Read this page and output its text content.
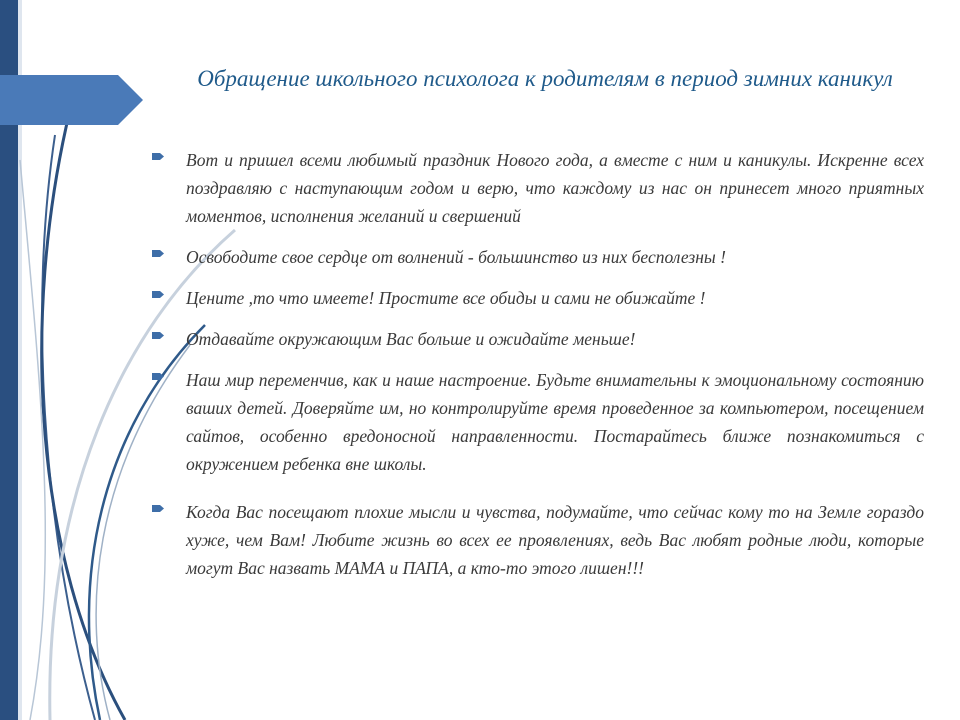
Обращение школьного психолога к родителям в период зимних каникул
Вот и пришел всеми любимый праздник Нового года, а вместе с ним и каникулы. Искренне всех поздравляю с наступающим годом и верю, что каждому из нас он принесет много приятных моментов, исполнения желаний и свершений
Освободите свое сердце от волнений - большинство из них бесполезны !
Цените ,то что имеете! Простите все обиды и сами не обижайте !
Отдавайте окружающим Вас больше и ожидайте меньше!
Наш мир переменчив, как и наше настроение. Будьте внимательны к эмоциональному состоянию ваших детей. Доверяйте им, но контролируйте время проведенное за компьютером, посещением сайтов, особенно вредоносной направленности. Постарайтесь ближе познакомиться с окружением ребенка вне школы.
Когда Вас посещают плохие мысли и чувства, подумайте, что сейчас кому то на Земле гораздо хуже, чем Вам! Любите жизнь во всех ее проявлениях, ведь Вас любят родные люди, которые могут Вас назвать МАМА и ПАПА, а кто-то этого лишен!!!
